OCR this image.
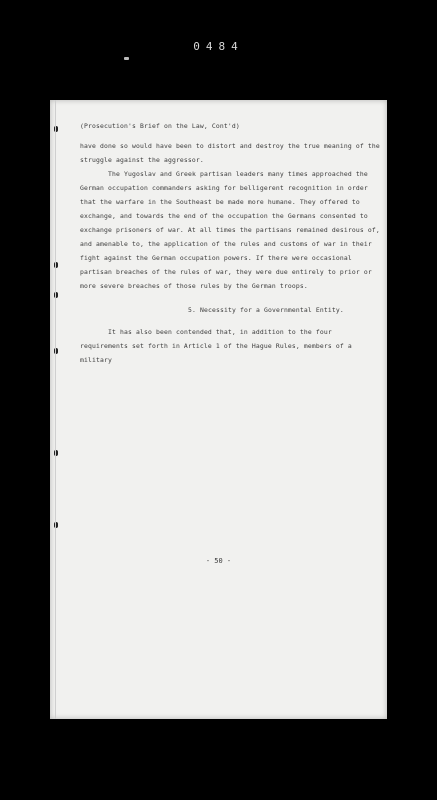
0484

(Prosecution's Brief on the Law, Cont'd)

have done so would have been to distort and destroy the true meaning of the struggle against the aggressor.

The Yugoslav and Greek partisan leaders many times approached the German occupation commanders asking for belligerent recognition in order that the warfare in the Southeast be made more humane. They offered to exchange, and towards the end of the occupation the Germans consented to exchange prisoners of war. At all times the partisans remained desirous of, and amenable to, the application of the rules and customs of war in their fight against the German occupation powers. If there were occasional partisan breaches of the rules of war, they were due entirely to prior or more severe breaches of those rules by the German troops.

5. Necessity for a Governmental Entity.

It has also been contended that, in addition to the four requirements set forth in Article 1 of the Hague Rules, members of a military

- 50 -
